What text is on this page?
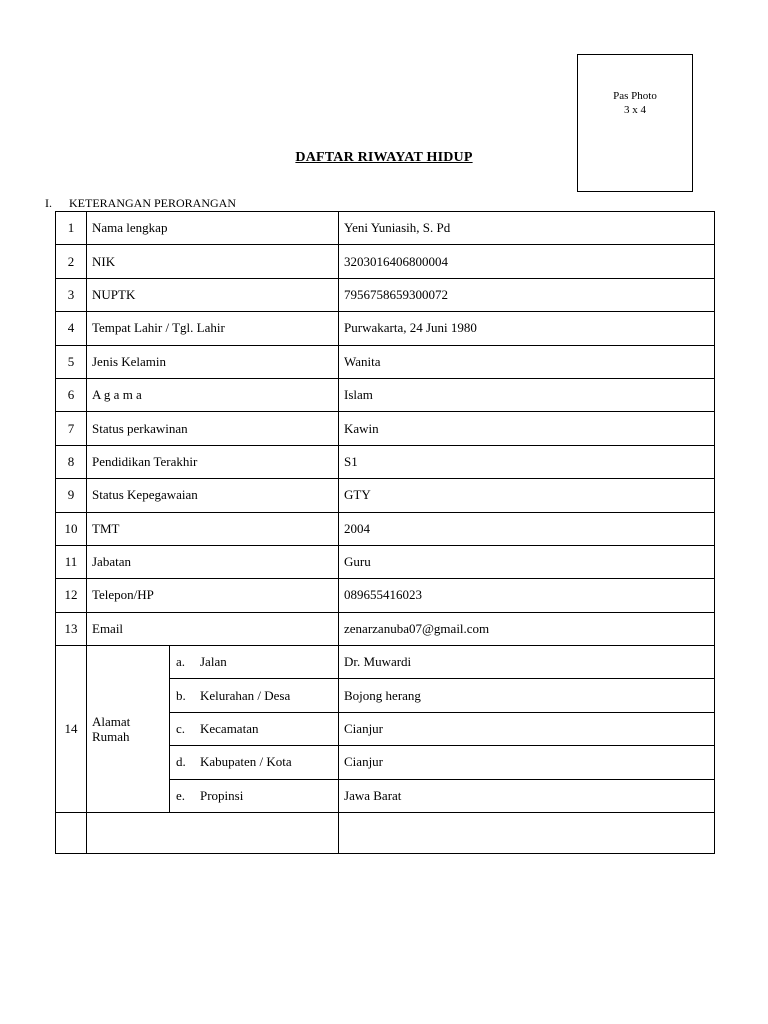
Pas Photo
3 x 4
DAFTAR RIWAYAT HIDUP
I. KETERANGAN PERORANGAN
1	Nama lengkap		Yeni Yuniasih, S. Pd
2	NIK		3203016406800004
3	NUPTK		7956758659300072
4	Tempat Lahir / Tgl. Lahir		Purwakarta, 24 Juni 1980
5	Jenis Kelamin		Wanita
6	A g a m a		Islam
7	Status perkawinan		Kawin
8	Pendidikan Terakhir		S1
9	Status Kepegawaian		GTY
10	TMT		2004
11	Jabatan		Guru
12	Telepon/HP		089655416023
13	Email		zenarzanuba07@gmail.com
14	Alamat Rumah	a. Jalan	Dr. Muwardi
		b. Kelurahan / Desa	Bojong herang
		c. Kecamatan	Cianjur
		d. Kabupaten / Kota	Cianjur
		e. Propinsi	Jawa Barat
